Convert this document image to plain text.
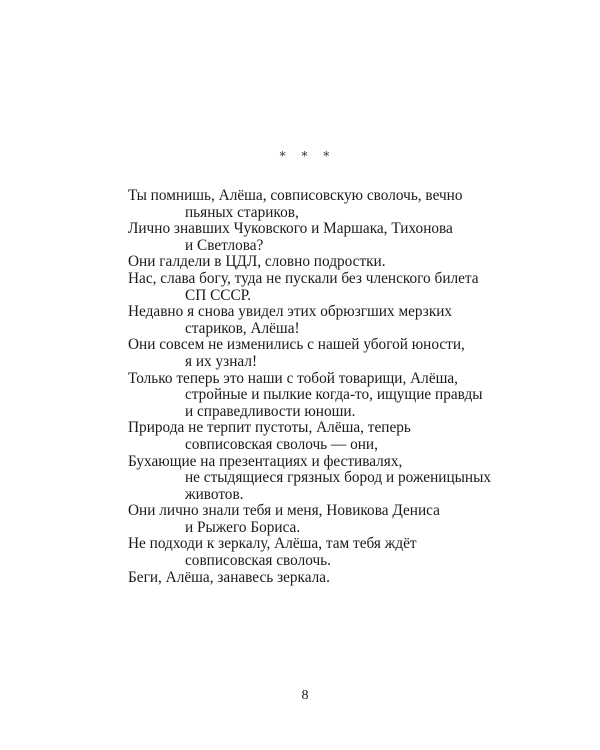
* * *
Ты помнишь, Алёша, совписовскую сволочь, вечно
пьяных стариков,
Лично знавших Чуковского и Маршака, Тихонова
и Светлова?
Они галдели в ЦДЛ, словно подростки.
Нас, слава богу, туда не пускали без членского билета
СП СССР.
Недавно я снова увидел этих обрюзгших мерзких
стариков, Алёша!
Они совсем не изменились с нашей убогой юности,
я их узнал!
Только теперь это наши с тобой товарищи, Алёша,
стройные и пылкие когда-то, ищущие правды
и справедливости юноши.
Природа не терпит пустоты, Алёша, теперь
совписовская сволочь — они,
Бухающие на презентациях и фестивалях,
не стыдящиеся грязных бород и роженицыных
животов.
Они лично знали тебя и меня, Новикова Дениса
и Рыжего Бориса.
Не подходи к зеркалу, Алёша, там тебя ждёт
совписовская сволочь.
Беги, Алёша, занавесь зеркала.
8
